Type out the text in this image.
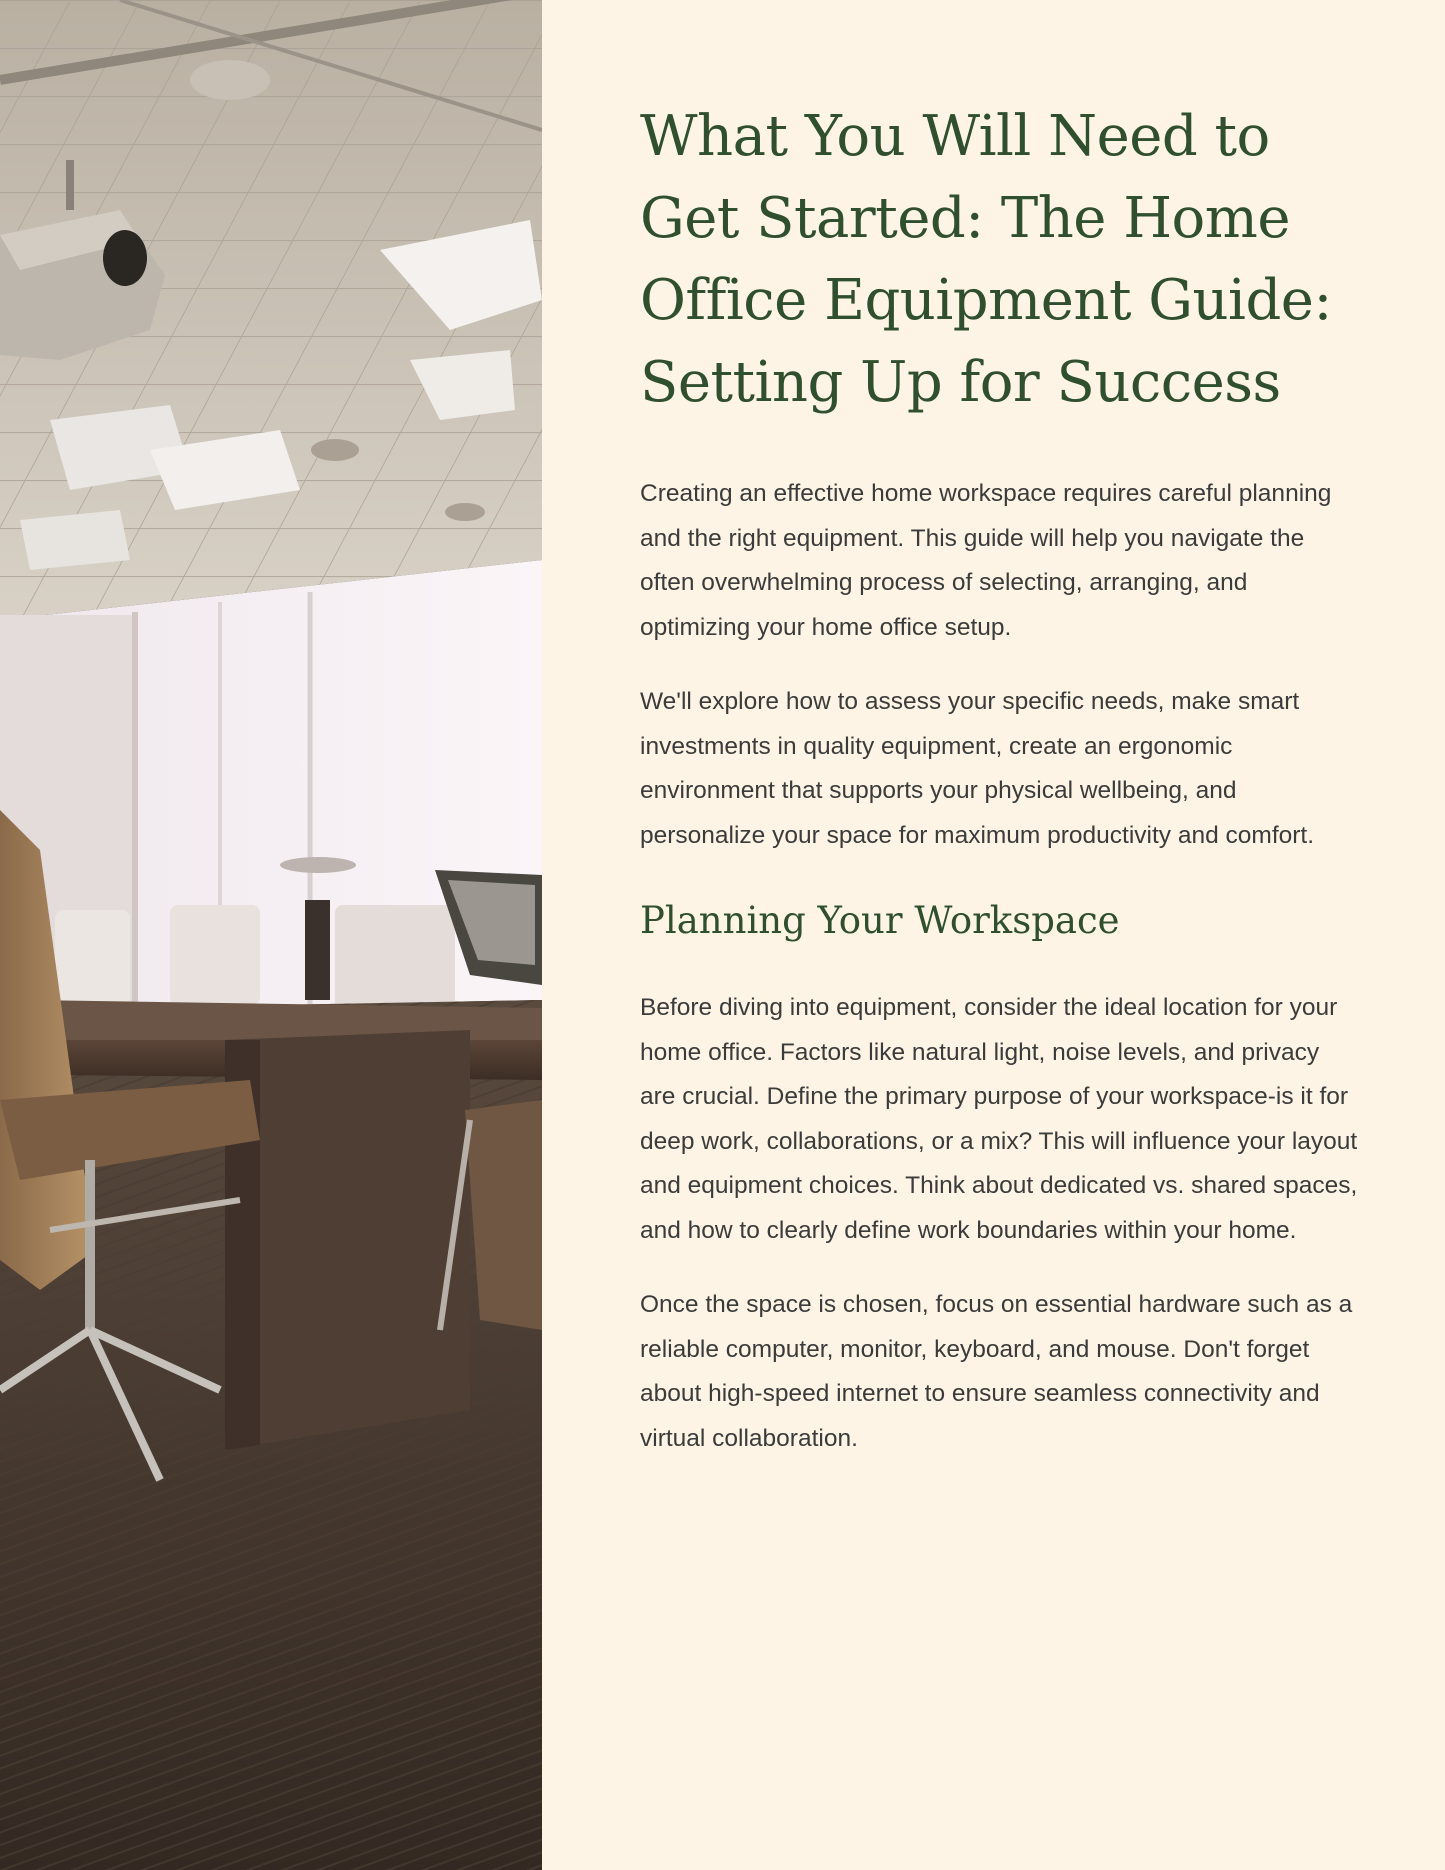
What You Will Need to Get Started: The Home Office Equipment Guide: Setting Up for Success

Creating an effective home workspace requires careful planning and the right equipment. This guide will help you navigate the often overwhelming process of selecting, arranging, and optimizing your home office setup.

We'll explore how to assess your specific needs, make smart investments in quality equipment, create an ergonomic environment that supports your physical wellbeing, and personalize your space for maximum productivity and comfort.

Planning Your Workspace

Before diving into equipment, consider the ideal location for your home office. Factors like natural light, noise levels, and privacy are crucial. Define the primary purpose of your workspace-is it for deep work, collaborations, or a mix? This will influence your layout and equipment choices. Think about dedicated vs. shared spaces, and how to clearly define work boundaries within your home.

Once the space is chosen, focus on essential hardware such as a reliable computer, monitor, keyboard, and mouse. Don't forget about high-speed internet to ensure seamless connectivity and virtual collaboration.
